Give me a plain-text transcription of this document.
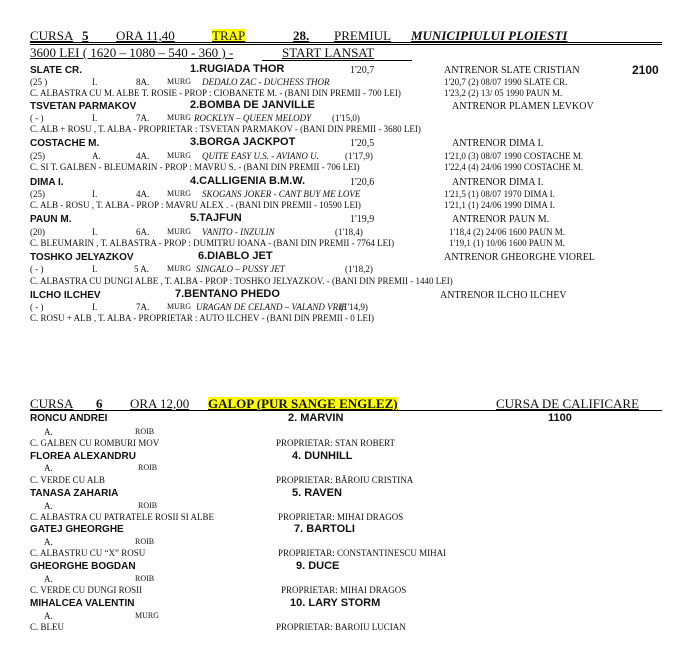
CURSA 5 ORA 11,40	TRAP	28. PREMIUL MUNICIPIULUI PLOIESTI
3600 LEI ( 1620 – 1080 – 540 - 360 ) -	START LANSAT
2100
SLATE CR.	1.RUGIADA THOR	1'20,7	ANTRENOR SLATE CRISTIAN
(25 )	I.	8A. MURG DEDALO ZAC - DUCHESS THOR	1'20,7 (2) 08/07 1990 SLATE CR.
C. ALBASTRA CU M. ALBE T. ROSIE - PROP : CIOBANETE M. - (BANI DIN PREMII - 700 LEI)	1'23,2 (2) 13/ 05 1990 PAUN M.
TSVETAN PARMAKOV	2.BOMBA DE JANVILLE	ANTRENOR PLAMEN LEVKOV
( - )	I.	7A. MURG ROCKLYN – QUEEN MELODY (1'15,0)
C. ALB + ROSU , T. ALBA - PROPRIETAR : TSVETAN PARMAKOV - (BANI DIN PREMII - 3680 LEI)
COSTACHE M.	3.BORGA JACKPOT	1'20,5	ANTRENOR DIMA I.
(25)	A.	4A. MURG QUITE EASY U.S. - AVIANO U.	(1'17,9)	1'21,0 (3) 08/07 1990 COSTACHE M.
C. SI T. GALBEN - BLEUMARIN - PROP : MAVRU S. - (BANI DIN PREMII - 706 LEI)	1'22,4 (4) 24/06 1990 COSTACHE M.
DIMA I.	4.CALLIGENIA B.M.W.	1'20,6	ANTRENOR DIMA I.
(25)	I.	4A. MURG SKOGANS JOKER - CANT BUY ME LOVE	1'21,5 (1) 08/07 1970 DIMA I.
C. ALB - ROSU , T. ALBA - PROP : MAVRU ALEX . - (BANI DIN PREMII - 10590 LEI)	1'21,1 (1) 24/06 1990 DIMA I.
PAUN M.	5.TAJFUN	1'19,9	ANTRENOR PAUN M.
(20)	I.	6A. MURG VANITO - INZULIN	(1'18,4)	1'18,4 (2) 24/06 1600 PAUN M.
C. BLEUMARIN , T. ALBASTRA - PROP : DUMITRU IOANA - (BANI DIN PREMII - 7764 LEI)	1'19,1 (1) 10/06 1600 PAUN M.
TOSHKO JELYAZKOV	6.DIABLO JET	ANTRENOR GHEORGHE VIOREL
( - )	I.	5 A. MURG SINGALO – PUSSY JET	(1'18,2)
C. ALBASTRA CU DUNGI ALBE , T. ALBA - PROP : TOSHKO JELYAZKOV. - (BANI DIN PREMII - 1440 LEI)
ILCHO ILCHEV	7.BENTANO PHEDO	ANTRENOR ILCHO ILCHEV
( - )	I.	7A. MURG URAGAN DE CELAND – VALAND VRIE
(1'14,9)
C. ROSU + ALB , T. ALBA - PROPRIETAR : AUTO ILCHEV - (BANI DIN PREMII - 0 LEI)
CURSA 6 ORA 12,00 GALOP (PUR SANGE ENGLEZ)	CURSA DE CALIFICARE
1100
RONCU ANDREI	2. MARVIN
A.	ROIB
C. GALBEN CU ROMBURI MOV	PROPRIETAR: STAN ROBERT
FLOREA ALEXANDRU	4. DUNHILL
A.	ROIB
C. VERDE CU ALB	PROPRIETAR: BĂROIU CRISTINA
TANASA ZAHARIA	5. RAVEN
A.	ROIB
C. ALBASTRA CU PATRATELE ROSII SI ALBE	PROPRIETAR: MIHAI DRAGOS
GATEJ GHEORGHE	7. BARTOLI
A.	ROIB
C. ALBASTRU CU “X” ROSU	PROPRIETAR: CONSTANTINESCU MIHAI
GHEORGHE BOGDAN	9. DUCE
A.	ROIB
C. VERDE CU DUNGI ROSII	PROPRIETAR: MIHAI DRAGOS
MIHALCEA VALENTIN	10. LARY STORM
A.	MURG
C. BLEU	PROPRIETAR: BAROIU LUCIAN
